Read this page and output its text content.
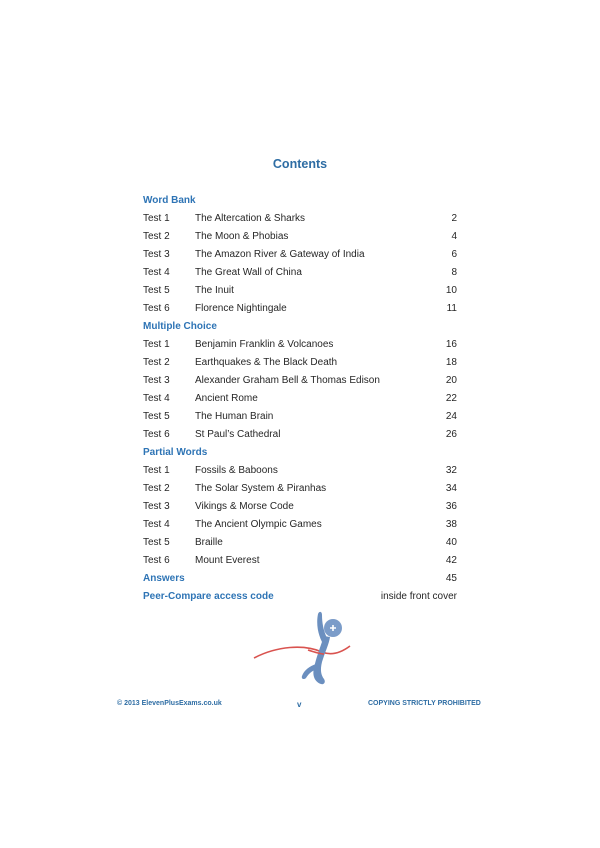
Contents
Word Bank
Test 1	The Altercation & Sharks	2
Test 2	The Moon & Phobias	4
Test 3	The Amazon River & Gateway of India	6
Test 4	The Great Wall of China	8
Test 5	The Inuit	10
Test 6	Florence Nightingale	11
Multiple Choice
Test 1	Benjamin Franklin & Volcanoes	16
Test 2	Earthquakes & The Black Death	18
Test 3	Alexander Graham Bell & Thomas Edison	20
Test 4	Ancient Rome	22
Test 5	The Human Brain	24
Test 6	St Paul’s Cathedral	26
Partial Words
Test 1	Fossils & Baboons	32
Test 2	The Solar System & Piranhas	34
Test 3	Vikings & Morse Code	36
Test 4	The Ancient Olympic Games	38
Test 5	Braille	40
Test 6	Mount Everest	42
Answers	45
Peer-Compare access code	inside front cover
© 2013 ElevenPlusExams.co.uk	v	COPYING STRICTLY PROHIBITED
